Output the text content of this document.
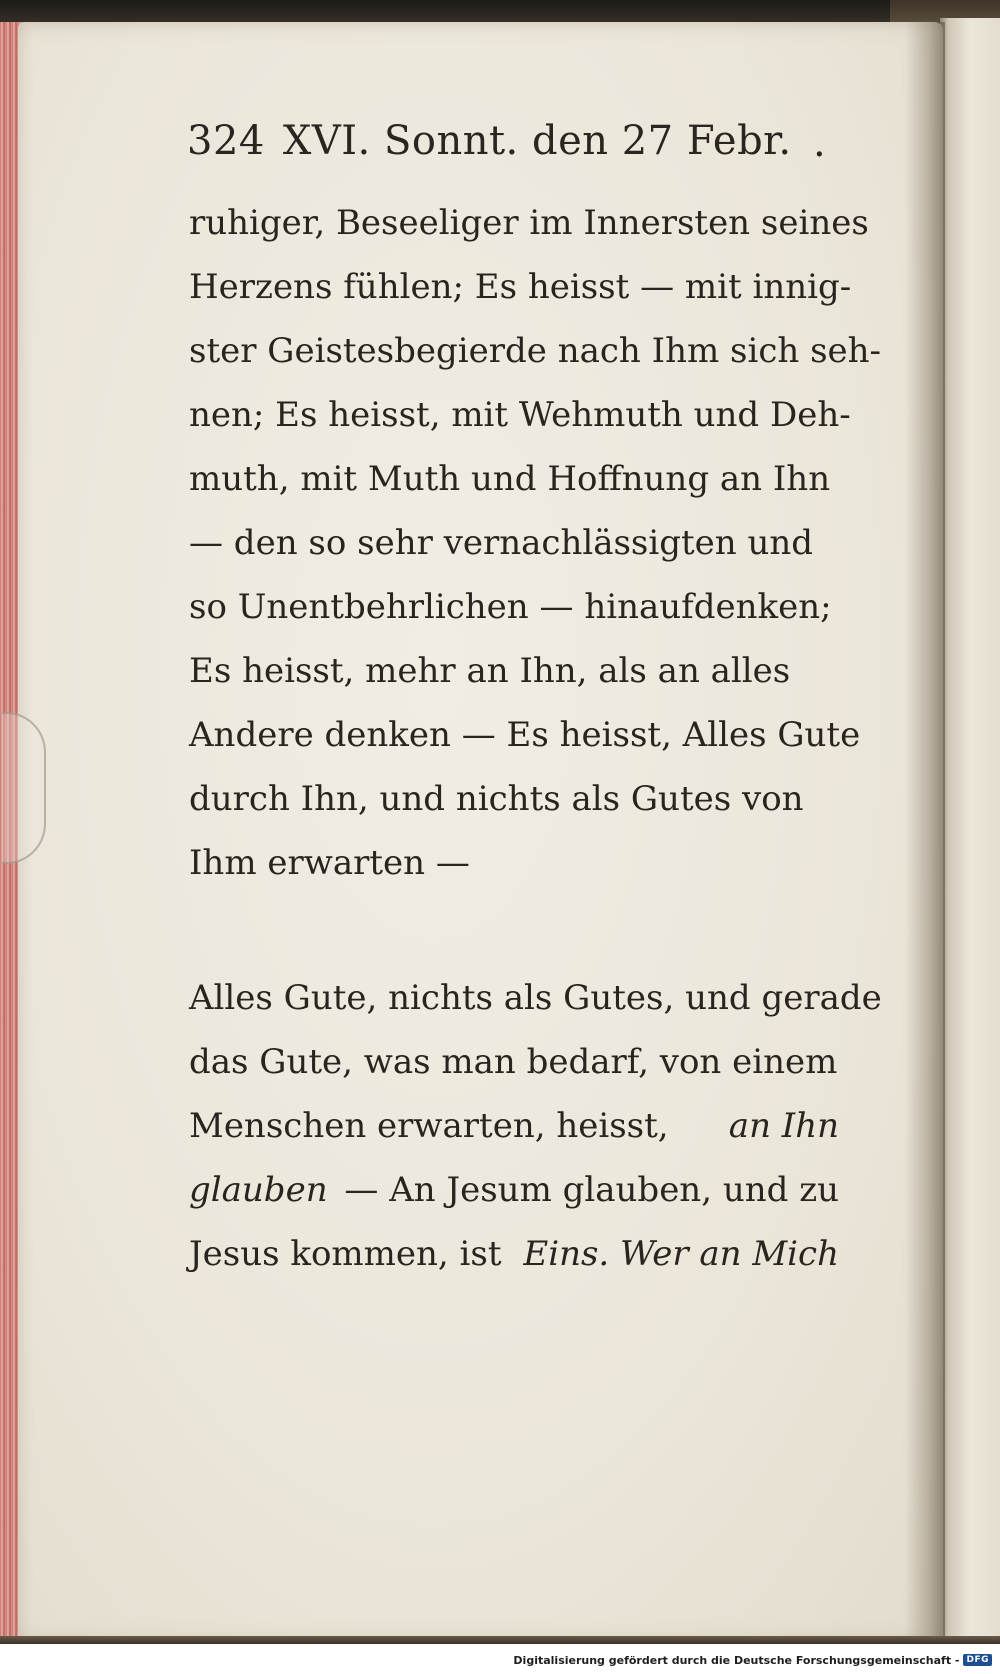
324 XVI. Sonnt. den 27 Febr. .
ruhiger, Beseeliger im Innersten seines
Herzens fühlen; Es heisst — mit innig-
ster Geistesbegierde nach Ihm sich seh-
nen; Es heisst, mit Wehmuth und Deh-
muth, mit Muth und Hoffnung an Ihn
— den so sehr vernachlässigten und
so Unentbehrlichen — hinaufdenken;
Es heisst, mehr an Ihn, als an alles
Andere denken — Es heisst, Alles Gute
durch Ihn, und nichts als Gutes von
Ihm erwarten —
Alles Gute, nichts als Gutes, und gerade
das Gute, was man bedarf, von einem
Menschen erwarten, heisst, an Ihn
glauben — An Jesum glauben, und zu
Jesus kommen, ist Eins. Wer an Mich
Digitalisierung gefördert durch die Deutsche Forschungsgemeinschaft - DFG
